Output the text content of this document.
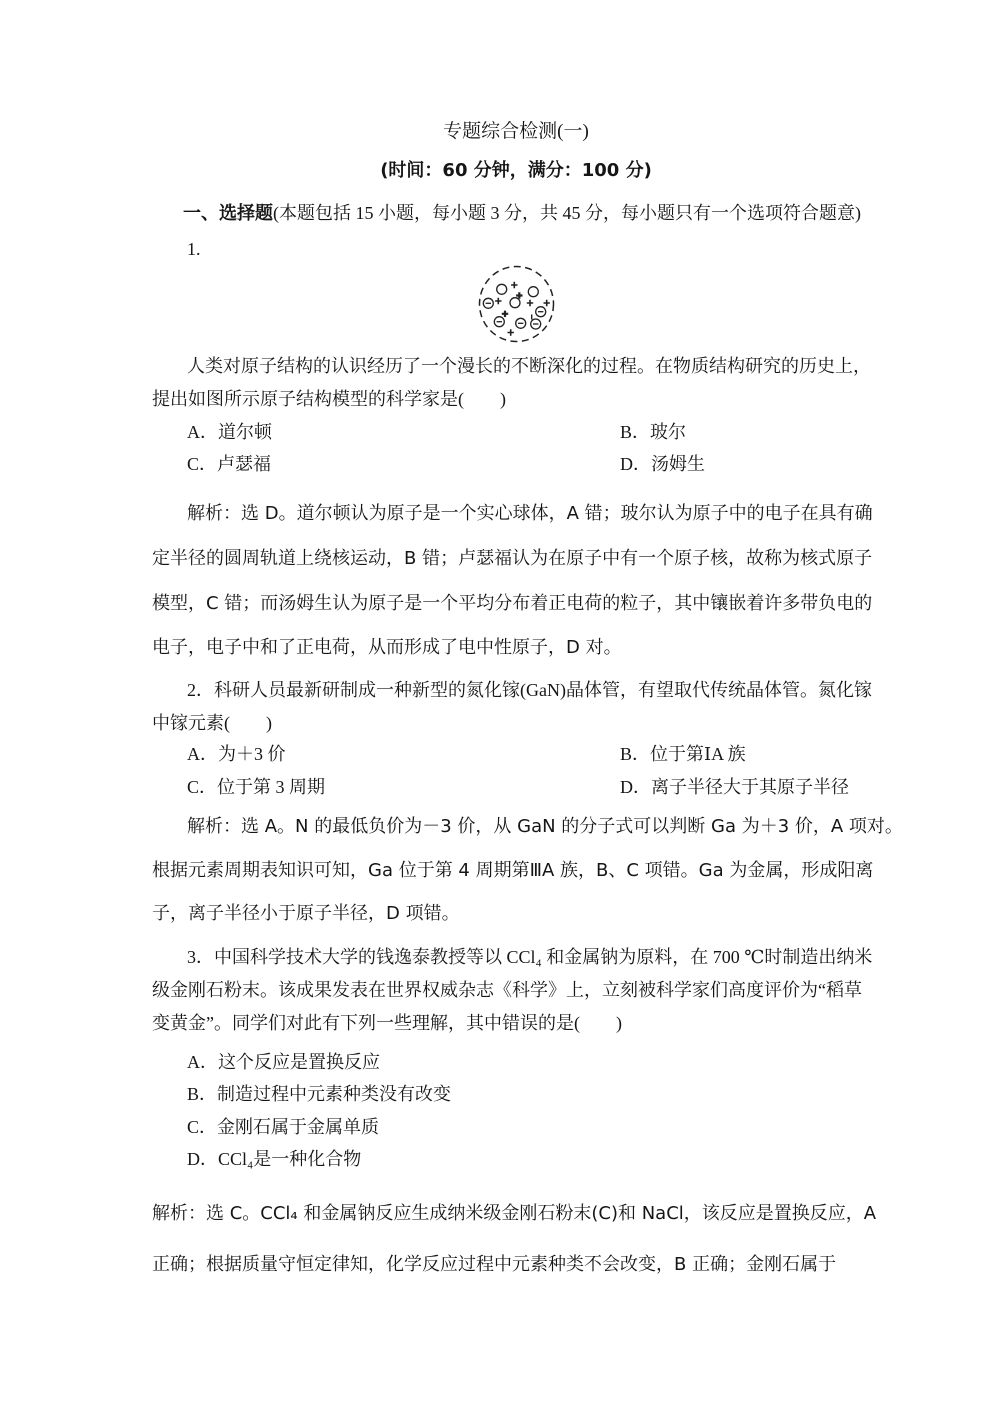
专题综合检测(一)
(时间：60 分钟，满分：100 分)
一、选择题(本题包括 15 小题，每小题 3 分，共 45 分，每小题只有一个选项符合题意)
1.
人类对原子结构的认识经历了一个漫长的不断深化的过程。在物质结构研究的历史上，
提出如图所示原子结构模型的科学家是(　　)
A．道尔顿	B．玻尔
C．卢瑟福	D．汤姆生
解析：选 D。道尔顿认为原子是一个实心球体，A 错；玻尔认为原子中的电子在具有确
定半径的圆周轨道上绕核运动，B 错；卢瑟福认为在原子中有一个原子核，故称为核式原子
模型，C 错；而汤姆生认为原子是一个平均分布着正电荷的粒子，其中镶嵌着许多带负电的
电子，电子中和了正电荷，从而形成了电中性原子，D 对。
2．科研人员最新研制成一种新型的氮化镓(GaN)晶体管，有望取代传统晶体管。氮化镓
中镓元素(　　)
A．为＋3 价	B．位于第ⅠA 族
C．位于第 3 周期	D．离子半径大于其原子半径
解析：选 A。N 的最低负价为－3 价，从 GaN 的分子式可以判断 Ga 为＋3 价，A 项对。
根据元素周期表知识可知，Ga 位于第 4 周期第ⅢA 族，B、C 项错。Ga 为金属，形成阳离
子，离子半径小于原子半径，D 项错。
3．中国科学技术大学的钱逸泰教授等以 CCl₄ 和金属钠为原料，在 700 ℃时制造出纳米
级金刚石粉末。该成果发表在世界权威杂志《科学》上，立刻被科学家们高度评价为“稻草
变黄金”。同学们对此有下列一些理解，其中错误的是(　　)
A．这个反应是置换反应
B．制造过程中元素种类没有改变
C．金刚石属于金属单质
D．CCl₄是一种化合物
解析：选 C。CCl₄ 和金属钠反应生成纳米级金刚石粉末(C)和 NaCl，该反应是置换反应，A
正确；根据质量守恒定律知，化学反应过程中元素种类不会改变，B 正确；金刚石属于
